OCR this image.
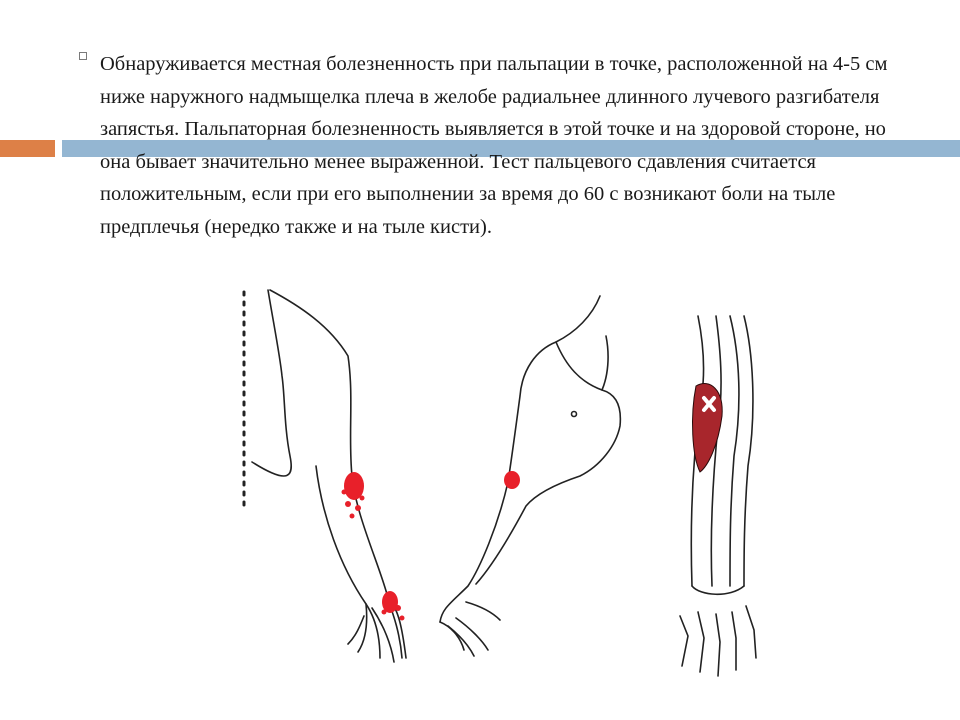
Обнаруживается местная болезненность при пальпации в точке, расположенной на 4-5 см ниже наружного надмыщелка плеча в желобе радиальнее длинного лучевого разгибателя запястья. Пальпаторная болезненность выявляется в этой точке и на здоровой стороне, но она бывает значительно менее выраженной. Тест пальцевого сдавления считается положительным, если при его выполнении за время до 60 с возникают боли на тыле предплечья (нередко также и на тыле кисти).
